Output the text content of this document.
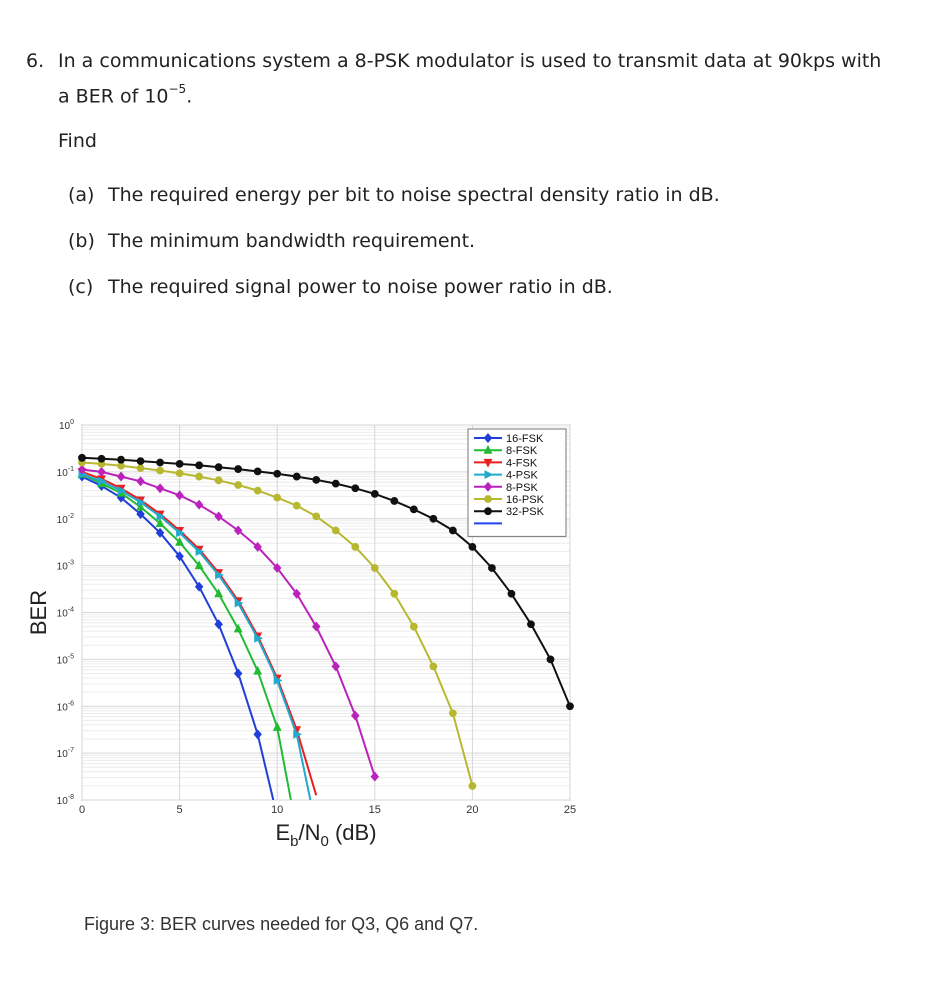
6. In a communications system a 8-PSK modulator is used to transmit data at 90kps with
a BER of $10^{-5}$.
Find
(a) The required energy per bit to noise spectral density ratio in dB.
(b) The minimum bandwidth requirement.
(c) The required signal power to noise power ratio in dB.
$10^0$
$10^{-1}$
$10^{-2}$
$10^{-3}$
$10^{-4}$
$10^{-5}$
$10^{-6}$
$10^{-7}$
$10^{-8}$
0	5	10	15	20	25
BER
$E_b/N_0$ (dB)
16-FSK
8-FSK
4-FSK
4-PSK
8-PSK
16-PSK
32-PSK
Figure 3: BER curves needed for Q3, Q6 and Q7.
